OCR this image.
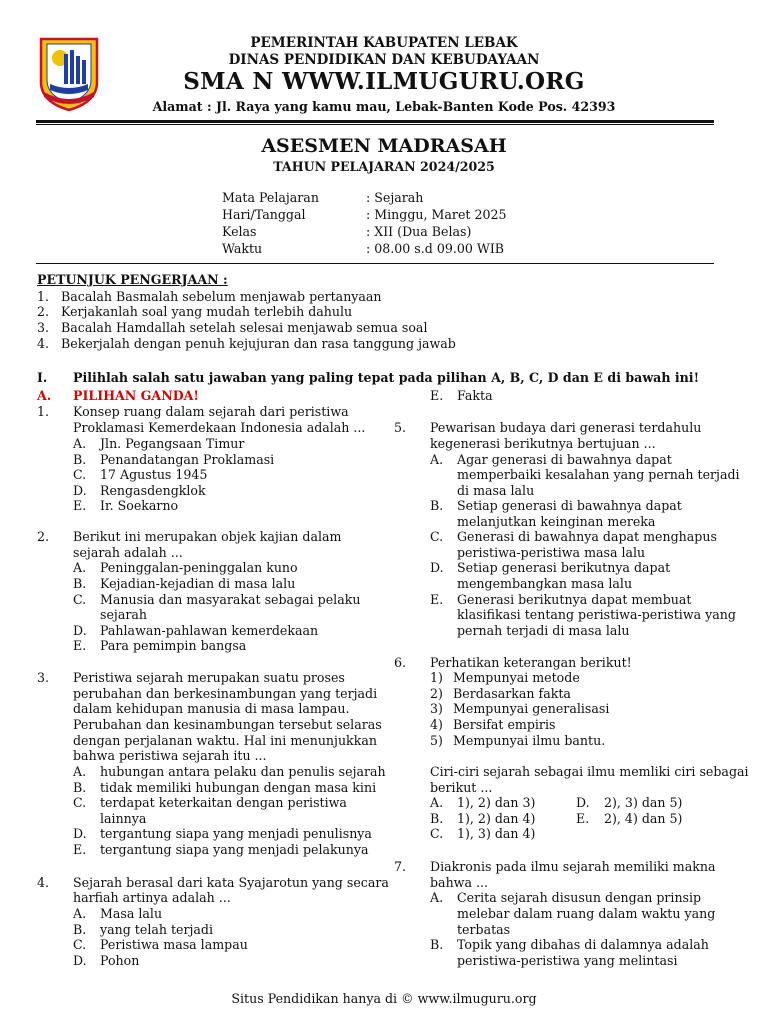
PEMERINTAH KABUPATEN LEBAK
DINAS PENDIDIKAN DAN KEBUDAYAAN
SMA N WWW.ILMUGURU.ORG
Alamat : Jl. Raya yang kamu mau, Lebak-Banten Kode Pos. 42393
ASESMEN MADRASAH
TAHUN PELAJARAN 2024/2025
Mata Pelajaran	: Sejarah
Hari/Tanggal	: Minggu, Maret 2025
Kelas	: XII (Dua Belas)
Waktu	: 08.00 s.d 09.00 WIB
PETUNJUK PENGERJAAN :
1. Bacalah Basmalah sebelum menjawab pertanyaan
2. Kerjakanlah soal yang mudah terlebih dahulu
3. Bacalah Hamdallah setelah selesai menjawab semua soal
4. Bekerjalah dengan penuh kejujuran dan rasa tanggung jawab
I. Pilihlah salah satu jawaban yang paling tepat pada pilihan A, B, C, D dan E di bawah ini!
A. PILIHAN GANDA!
1. Konsep ruang dalam sejarah dari peristiwa
Proklamasi Kemerdekaan Indonesia adalah ...
A. Jln. Pegangsaan Timur
B. Penandatangan Proklamasi
C. 17 Agustus 1945
D. Rengasdengklok
E. Ir. Soekarno
2. Berikut ini merupakan objek kajian dalam
sejarah adalah ...
A. Peninggalan-peninggalan kuno
B. Kejadian-kejadian di masa lalu
C. Manusia dan masyarakat sebagai pelaku
sejarah
D. Pahlawan-pahlawan kemerdekaan
E. Para pemimpin bangsa
3. Peristiwa sejarah merupakan suatu proses
perubahan dan berkesinambungan yang terjadi
dalam kehidupan manusia di masa lampau.
Perubahan dan kesinambungan tersebut selaras
dengan perjalanan waktu. Hal ini menunjukkan
bahwa peristiwa sejarah itu ...
A. hubungan antara pelaku dan penulis sejarah
B. tidak memiliki hubungan dengan masa kini
C. terdapat keterkaitan dengan peristiwa
lainnya
D. tergantung siapa yang menjadi penulisnya
E. tergantung siapa yang menjadi pelakunya
4. Sejarah berasal dari kata Syajarotun yang secara
harfiah artinya adalah ...
A. Masa lalu
B. yang telah terjadi
C. Peristiwa masa lampau
D. Pohon
E. Fakta
5. Pewarisan budaya dari generasi terdahulu
kegenerasi berikutnya bertujuan ...
A. Agar generasi di bawahnya dapat
memperbaiki kesalahan yang pernah terjadi
di masa lalu
B. Setiap generasi di bawahnya dapat
melanjutkan keinginan mereka
C. Generasi di bawahnya dapat menghapus
peristiwa-peristiwa masa lalu
D. Setiap generasi berikutnya dapat
mengembangkan masa lalu
E. Generasi berikutnya dapat membuat
klasifikasi tentang peristiwa-peristiwa yang
pernah terjadi di masa lalu
6. Perhatikan keterangan berikut!
1) Mempunyai metode
2) Berdasarkan fakta
3) Mempunyai generalisasi
4) Bersifat empiris
5) Mempunyai ilmu bantu.
Ciri-ciri sejarah sebagai ilmu memliki ciri sebagai
berikut ...
A. 1), 2) dan 3)
B. 1), 2) dan 4)
C. 1), 3) dan 4)
D. 2), 3) dan 5)
E. 2), 4) dan 5)
7. Diakronis pada ilmu sejarah memiliki makna
bahwa ...
A. Cerita sejarah disusun dengan prinsip
melebar dalam ruang dalam waktu yang
terbatas
B. Topik yang dibahas di dalamnya adalah
peristiwa-peristiwa yang melintasi
Situs Pendidikan hanya di © www.ilmuguru.org
